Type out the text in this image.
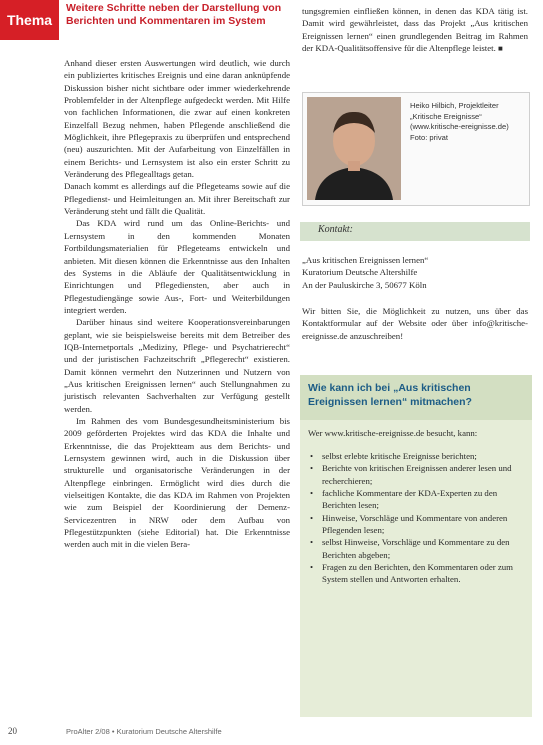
Thema
Weitere Schritte neben der Darstellung von Berichten und Kommentaren im System

Anhand dieser ersten Auswertungen wird deutlich, wie durch ein publiziertes kritisches Ereignis und eine daran anknüpfende Diskussion bisher nicht sichtbare oder immer wiederkehrende Problemfelder in der Altenpflege aufgedeckt werden. Mit Hilfe von fachlichen Informationen, die zwar auf einen konkreten Einzelfall Bezug nehmen, haben Pflegende anschließend die Möglichkeit, ihre Pflegepraxis zu überprüfen und entsprechend (neu) auszurichten. Mit der Aufarbeitung von Einzelfällen in einem Berichts- und Lernsystem ist also ein erster Schritt zu Veränderung des Pflegealltags getan.

Danach kommt es allerdings auf die Pflegeteams sowie auf die Pflegedienst- und Heimleitungen an. Mit ihrer Bereitschaft zur Veränderung steht und fällt die Qualität.

Das KDA wird rund um das Online-Berichts- und Lernsystem in den kommenden Monaten Fortbildungsmaterialien für Pflegeteams entwickeln und anbieten. Mit diesen können die Erkenntnisse aus den Inhalten des Systems in die Abläufe der Qualitätsentwicklung in Einrichtungen und Pflegediensten, aber auch in Pflegestudiengänge sowie Aus-, Fort- und Weiterbildungen integriert werden.

Darüber hinaus sind weitere Kooperationsvereinbarungen geplant, wie sie beispielsweise bereits mit dem Betreiber des IQB-Internetportals „Mediziny, Pflege- und Psychatrierecht“ und der juristischen Fachzeitschrift „Pflegerecht“ existieren. Damit können vermehrt den Nutzerinnen und Nutzern von „Aus kritischen Ereignissen lernen“ auch Stellungnahmen zu juristisch relevanten Sachverhalten zur Verfügung gestellt werden.

Im Rahmen des vom Bundesgesundheitsministerium bis 2009 geförderten Projektes wird das KDA die Inhalte und Erkenntnisse, die das Projektteam aus dem Berichts- und Lernsystem gewinnen wird, auch in die Diskussion über strukturelle und organisatorische Veränderungen in der Altenpflege einbringen. Ermöglicht wird dies durch die vielseitigen Kontakte, die das KDA im Rahmen von Projekten wie zum Beispiel der Koordinierung der Demenz-Servicezentren in NRW oder dem Aufbau von Pflegestützpunkten (siehe Editorial) hat. Die Erkenntnisse werden auch mit in die vielen Bera-

tungsgremien einfließen können, in denen das KDA tätig ist. Damit wird gewährleistet, dass das Projekt „Aus kritischen Ereignissen lernen“ einen grundlegenden Beitrag im Rahmen der KDA-Qualitätsoffensive für die Altenpflege leistet. ■

Heiko Hilbich, Projektleiter
„Kritische Ereignisse“
(www.kritische-ereignisse.de)
Foto: privat
Kontakt:
„Aus kritischen Ereignissen lernen“
Kuratorium Deutsche Altershilfe
An der Pauluskirche 3, 50677 Köln
Wir bitten Sie, die Möglichkeit zu nutzen, uns über das Kontaktformular auf der Website oder über info@kritische-ereignisse.de anzuschreiben!
Wie kann ich bei „Aus kritischen Ereignissen lernen“ mitmachen?
Wer www.kritische-ereignisse.de besucht, kann:
• selbst erlebte kritische Ereignisse berichten;
• Berichte von kritischen Ereignissen anderer lesen und recherchieren;
• fachliche Kommentare der KDA-Experten zu den Berichten lesen;
• Hinweise, Vorschläge und Kommentare von anderen Pflegenden lesen;
• selbst Hinweise, Vorschläge und Kommentare zu den Berichten abgeben;
• Fragen zu den Berichten, den Kommentaren oder zum System stellen und Antworten erhalten.
20	ProAlter 2/08 • Kuratorium Deutsche Altershilfe
